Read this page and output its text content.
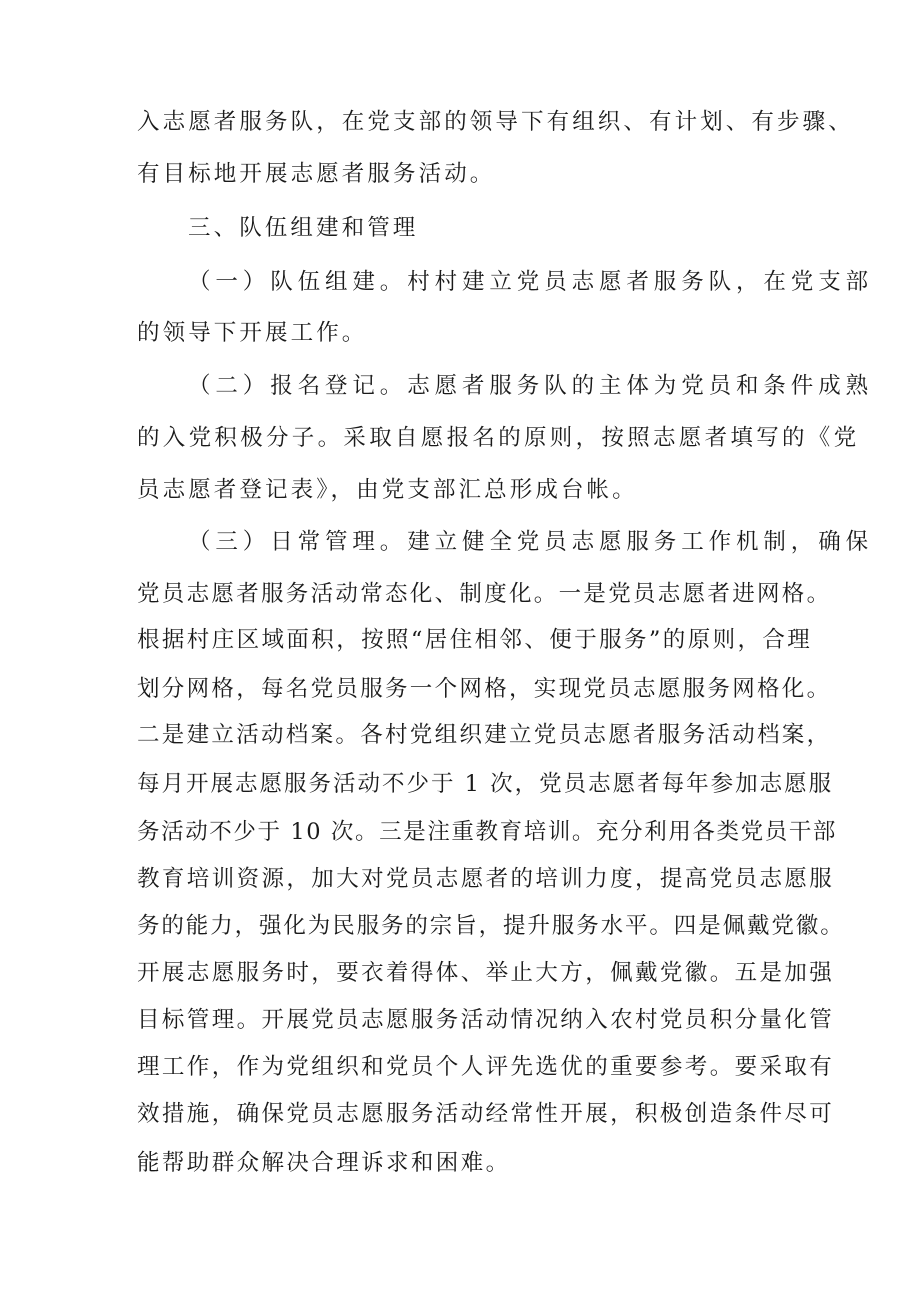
入志愿者服务队，在党支部的领导下有组织、有计划、有步骤、
有目标地开展志愿者服务活动。
三、队伍组建和管理
（一）队伍组建。村村建立党员志愿者服务队，在党支部
的领导下开展工作。
（二）报名登记。志愿者服务队的主体为党员和条件成熟
的入党积极分子。采取自愿报名的原则，按照志愿者填写的《党
员志愿者登记表》，由党支部汇总形成台帐。
（三）日常管理。建立健全党员志愿服务工作机制，确保
党员志愿者服务活动常态化、制度化。一是党员志愿者进网格。
根据村庄区域面积，按照“居住相邻、便于服务”的原则，合理
划分网格，每名党员服务一个网格，实现党员志愿服务网格化。
二是建立活动档案。各村党组织建立党员志愿者服务活动档案，
每月开展志愿服务活动不少于 1 次，党员志愿者每年参加志愿服
务活动不少于 10 次。三是注重教育培训。充分利用各类党员干部
教育培训资源，加大对党员志愿者的培训力度，提高党员志愿服
务的能力，强化为民服务的宗旨，提升服务水平。四是佩戴党徽。
开展志愿服务时，要衣着得体、举止大方，佩戴党徽。五是加强
目标管理。开展党员志愿服务活动情况纳入农村党员积分量化管
理工作，作为党组织和党员个人评先选优的重要参考。要采取有
效措施，确保党员志愿服务活动经常性开展，积极创造条件尽可
能帮助群众解决合理诉求和困难。
